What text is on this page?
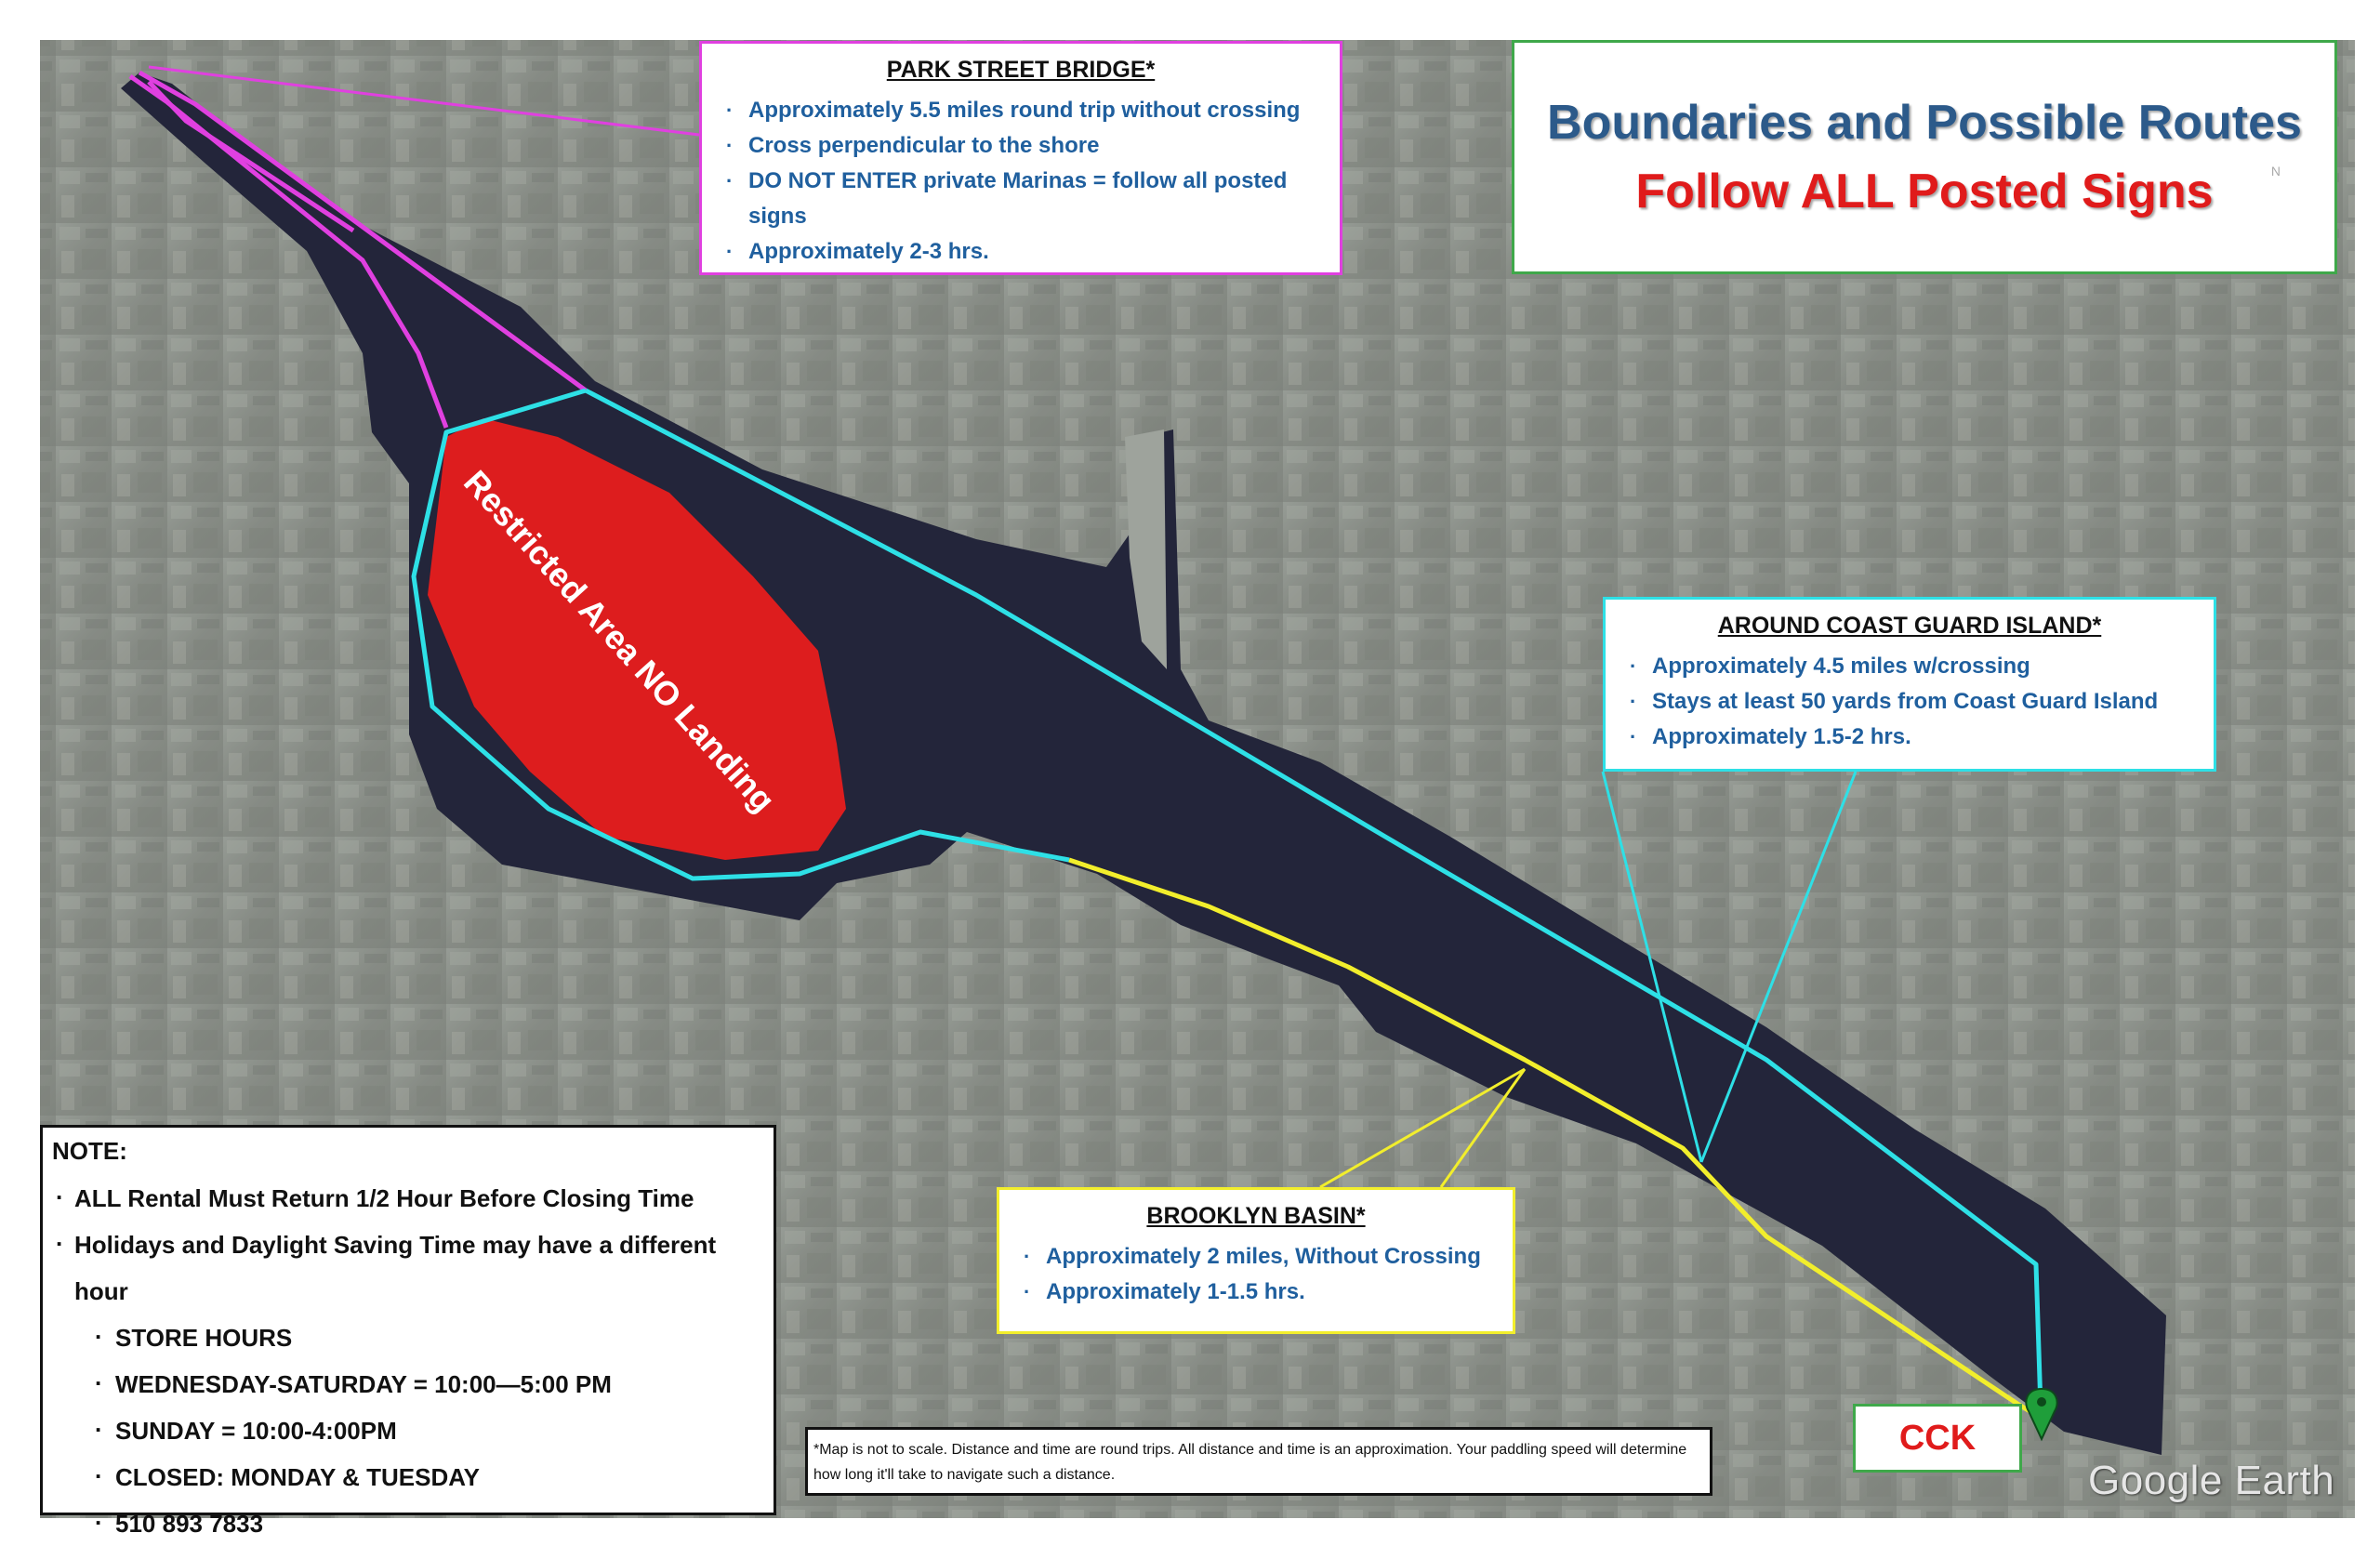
Restricted Area NO Landing
PARK STREET BRIDGE*
. Approximately 5.5 miles round trip without crossing
. Cross perpendicular to the shore
. DO NOT ENTER private Marinas = follow all posted signs
. Approximately 2-3 hrs.
Boundaries and Possible Routes
Follow ALL Posted Signs	N
AROUND COAST GUARD ISLAND*
. Approximately 4.5 miles w/crossing
. Stays at least 50 yards from Coast Guard Island
. Approximately 1.5-2 hrs.
BROOKLYN BASIN*
. Approximately 2 miles, Without Crossing
. Approximately 1-1.5 hrs.
NOTE:
. ALL Rental Must Return 1/2 Hour Before Closing Time
. Holidays and Daylight Saving Time may have a different hour
. STORE HOURS
. WEDNESDAY-SATURDAY = 10:00—5:00 PM
. SUNDAY = 10:00-4:00PM
. CLOSED: MONDAY & TUESDAY
. 510 893 7833
*Map is not to scale. Distance and time are round trips. All distance and time is an approximation. Your paddling speed will determine how long it'll take to navigate such a distance.
CCK
Google Earth
